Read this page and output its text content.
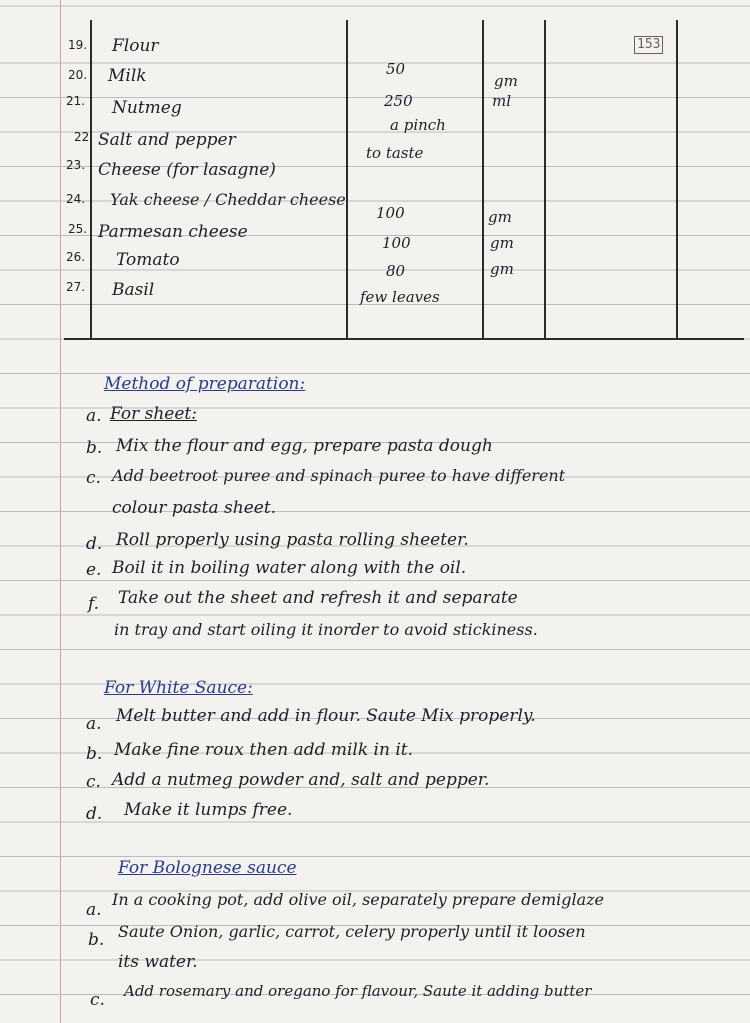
153
19.
20.
21.
22.
23.
24.
25.
26.
27.
Flour
Milk
Nutmeg
Salt and pepper
Cheese (for lasagne)
Yak cheese / Cheddar cheese
Parmesan cheese
Tomato
Basil
50
250
a pinch
to taste
100
100
80
few leaves
gm
ml
gm
gm
gm
Method of preparation:
a. For sheet:
b. Mix the flour and egg, prepare pasta dough
c. Add beetroot puree and spinach puree to have different
colour pasta sheet.
d. Roll properly using pasta rolling sheeter.
e. Boil it in boiling water along with the oil.
f. Take out the sheet and refresh it and separate
in tray and start oiling it inorder to avoid stickiness.
For White Sauce:
a. Melt butter and add in flour. Saute Mix properly.
b. Make fine roux then add milk in it.
c. Add a nutmeg powder and, salt and pepper.
d. Make it lumps free.
For Bolognese sauce
a.
In a cooking pot, add olive oil, separately prepare demiglaze
b. Saute Onion, garlic, carrot, celery properly until it loosen
its water.
c. Add rosemary and oregano for flavour, Saute it adding butter
